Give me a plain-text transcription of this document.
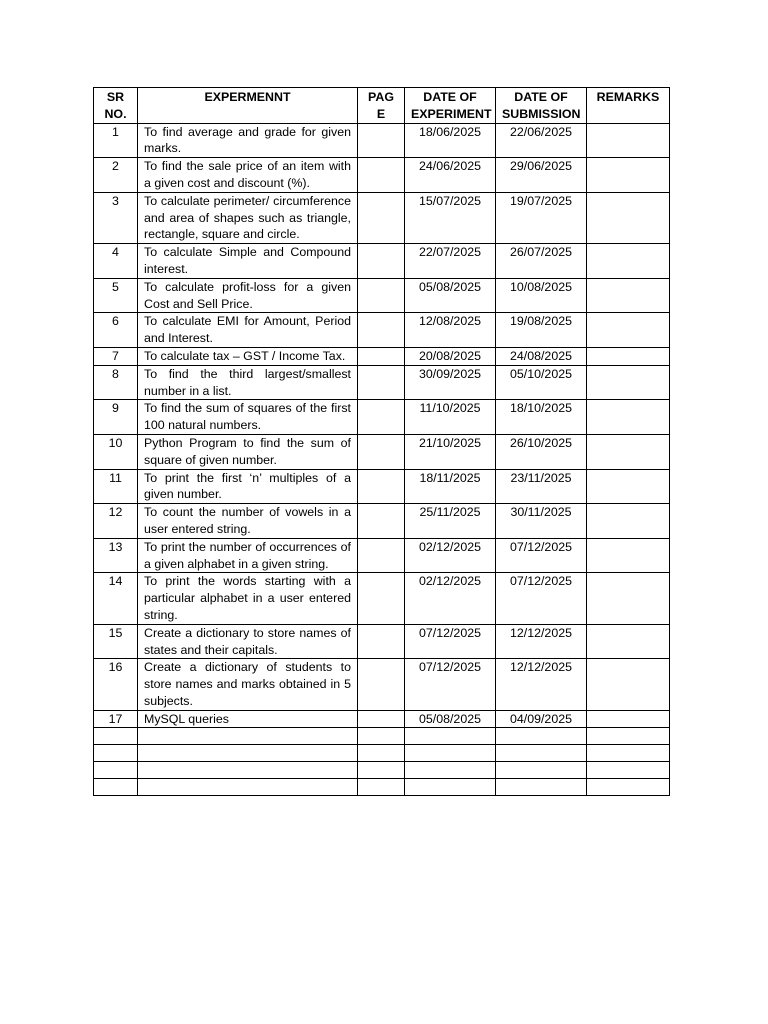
SR NO.	EXPERMENNT	PAG E	DATE OF EXPERIMENT	DATE OF SUBMISSION	REMARKS
1	To find average and grade for given marks.		18/06/2025	22/06/2025	
2	To find the sale price of an item with a given cost and discount (%).		24/06/2025	29/06/2025	
3	To calculate perimeter/ circumference and area of shapes such as triangle, rectangle, square and circle.		15/07/2025	19/07/2025	
4	To calculate Simple and Compound interest.		22/07/2025	26/07/2025	
5	To calculate profit-loss for a given Cost and Sell Price.		05/08/2025	10/08/2025	
6	To calculate EMI for Amount, Period and Interest.		12/08/2025	19/08/2025	
7	To calculate tax – GST / Income Tax.		20/08/2025	24/08/2025	
8	To find the third largest/smallest number in a list.		30/09/2025	05/10/2025	
9	To find the sum of squares of the first 100 natural numbers.		11/10/2025	18/10/2025	
10	Python Program to find the sum of square of given number.		21/10/2025	26/10/2025	
11	To print the first ‘n’ multiples of a given number.		18/11/2025	23/11/2025	
12	To count the number of vowels in a user entered string.		25/11/2025	30/11/2025	
13	To print the number of occurrences of a given alphabet in a given string.		02/12/2025	07/12/2025	
14	To print the words starting with a particular alphabet in a user entered string.		02/12/2025	07/12/2025	
15	Create a dictionary to store names of states and their capitals.		07/12/2025	12/12/2025	
16	Create a dictionary of students to store names and marks obtained in 5 subjects.		07/12/2025	12/12/2025	
17	MySQL queries		05/08/2025	04/09/2025	
